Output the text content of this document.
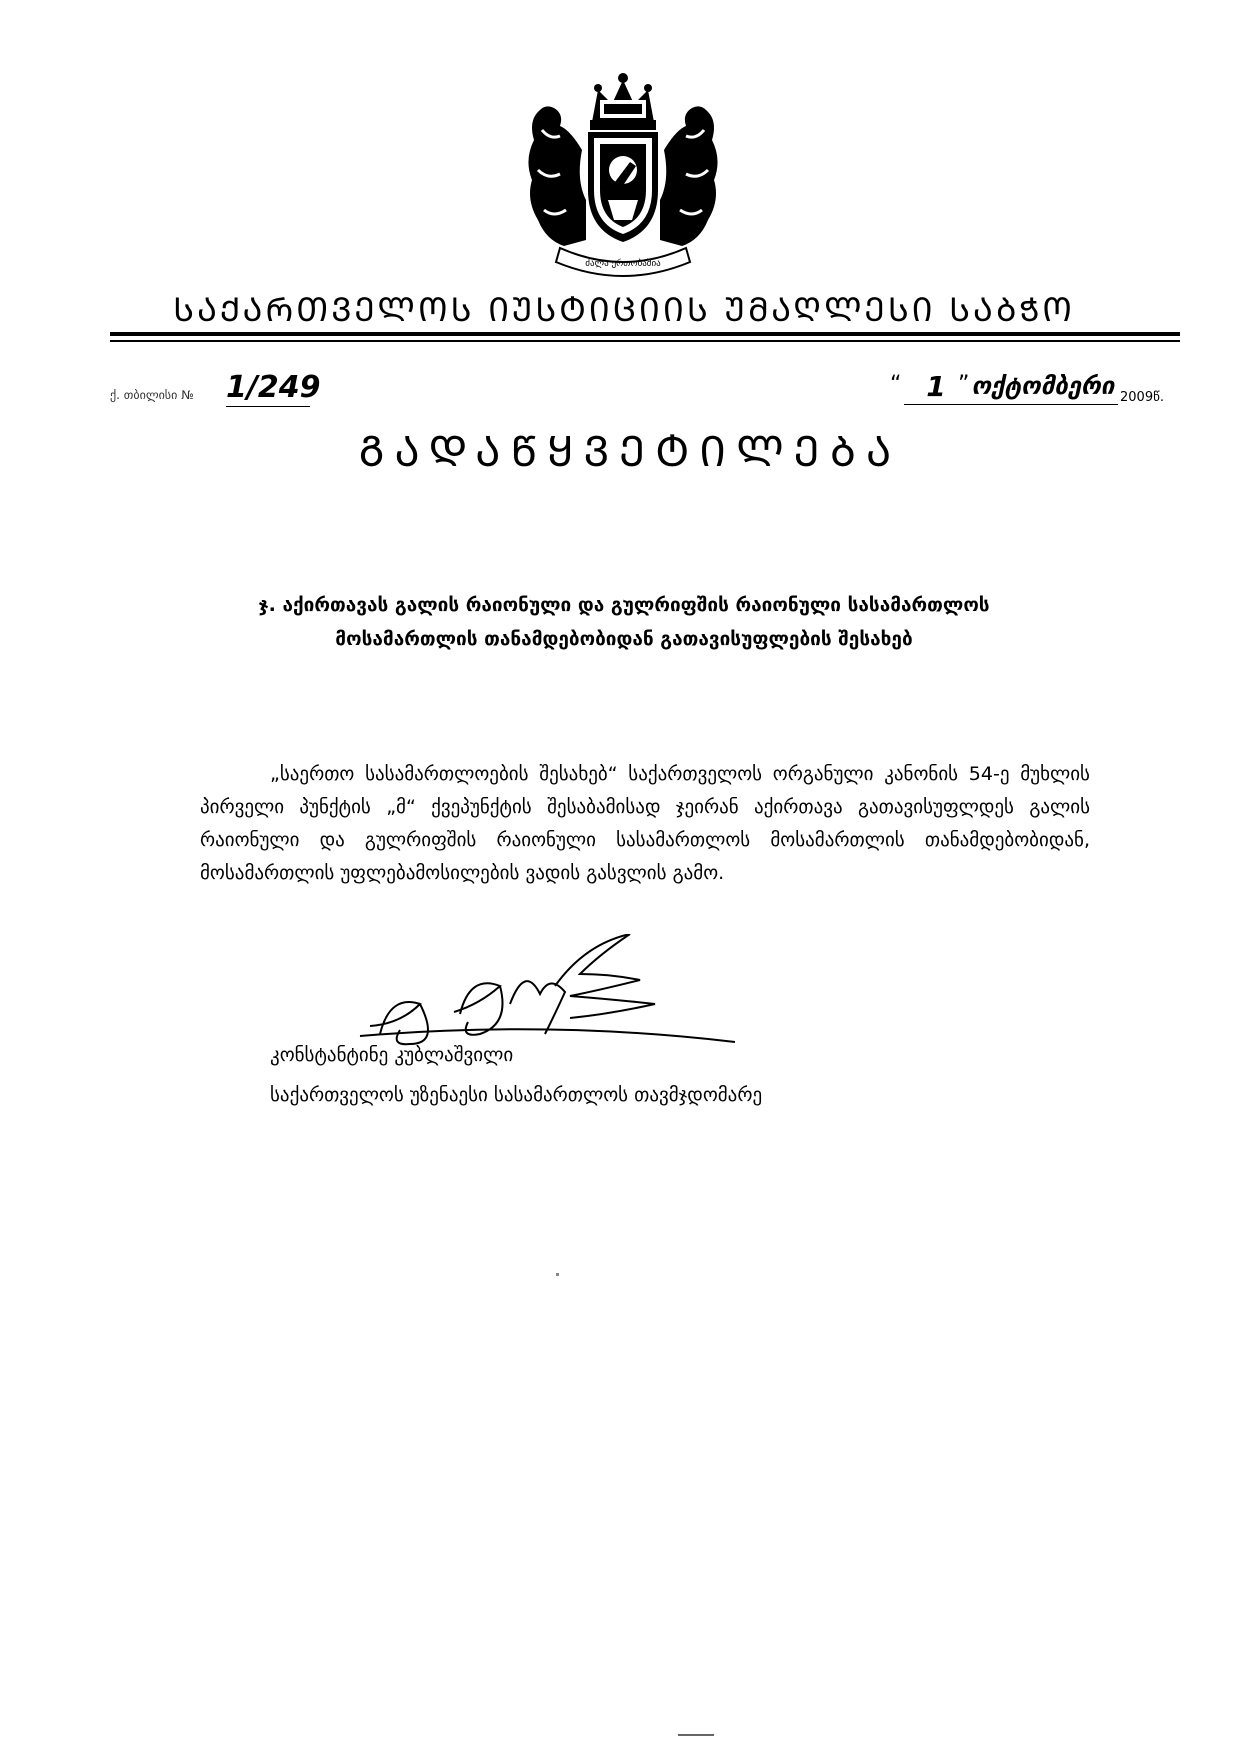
ძალა ერთობაშია
ᲡᲐᲥᲐᲠᲗᲕᲔᲚᲝᲡ ᲘᲣᲡᲢᲘᲪᲘᲘᲡ ᲣᲛᲐᲦᲚᲔᲡᲘ ᲡᲐᲑᲭᲝ
ქ. თბილისი № 1/249	“ 1 ” ოქტომბერი 2009წ.
ᲒᲐᲓᲐᲬᲧᲕᲔᲢᲘᲚᲔᲑᲐ
ჯ. აქირთავას გალის რაიონული და გულრიფშის რაიონული სასამართლოს
მოსამართლის თანამდებობიდან გათავისუფლების შესახებ
„საერთო სასამართლოების შესახებ“ საქართველოს ორგანული კანონის 54-ე მუხლის პირველი პუნქტის „მ“ ქვეპუნქტის შესაბამისად ჯეირან აქირთავა გათავისუფლდეს გალის რაიონული და გულრიფშის რაიონული სასამართლოს მოსამართლის თანამდებობიდან, მოსამართლის უფლებამოსილების ვადის გასვლის გამო.
კონსტანტინე კუბლაშვილი
საქართველოს უზენაესი სასამართლოს თავმჯდომარე
